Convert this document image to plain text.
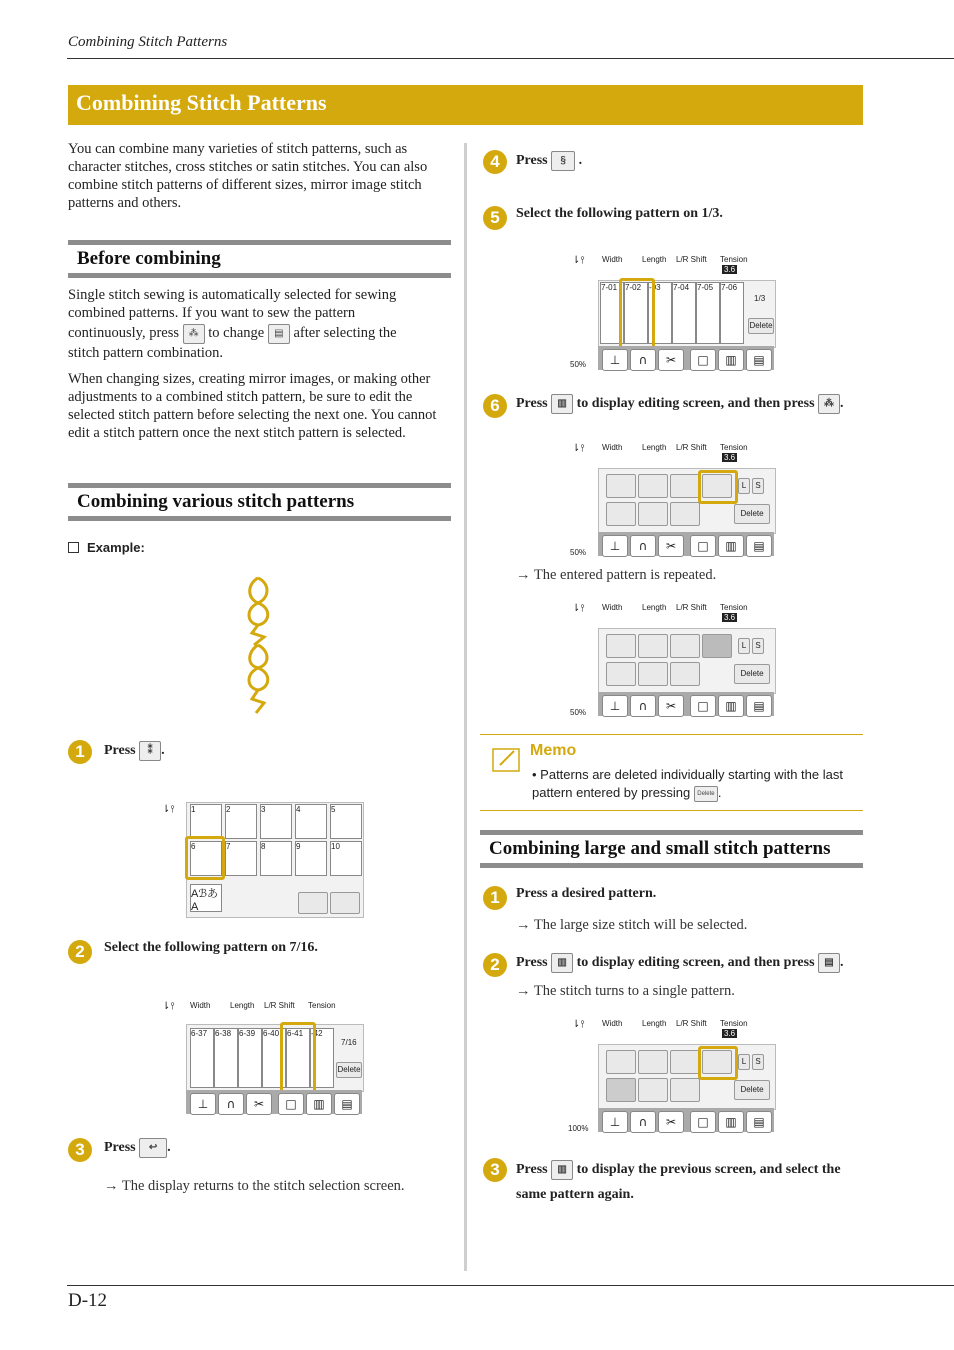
Combining Stitch Patterns
Combining Stitch Patterns
You can combine many varieties of stitch patterns, such as character stitches, cross stitches or satin stitches. You can also combine stitch patterns of different sizes, mirror image stitch patterns and others.
Before combining
Single stitch sewing is automatically selected for sewing combined patterns. If you want to sew the pattern
continuously, press ⁂ to change ▤ after selecting the
stitch pattern combination.
When changing sizes, creating mirror images, or making other adjustments to a combined stitch pattern, be sure to edit the selected stitch pattern before selecting the next one. You cannot edit a stitch pattern once the next stitch pattern is selected.
Combining various stitch patterns
Example:
1	Press ⁑ .
⇂⫯ 1	2	3	4	5
6	7	8	9	10
AℬあA
2	Select the following pattern on 7/16.
⇂⫯ Width Length L/R Shift Tension
6-37 6-38 6-39 6-40 6-41 -42
7/16
Delete
⊥	∩	✂	□	▥	▤
3	Press ↩ .
→ The display returns to the stitch selection screen.
4	Press § .
5	Select the following pattern on 1/3.
⇂⫯ Width Length L/R Shift Tension
3.6
7-01 7-02 -03	7-04 7-05 7-06
1/3
Delete
50%	⊥	∩	✂	□	▥	▤
6	Press ▥ to display editing screen, and then press ⁂ .
⇂⫯ Width Length L/R Shift Tension
3.6
L	S
Delete
50%	⊥	∩	✂	□	▥	▤
→ The entered pattern is repeated.
⇂⫯ Width Length L/R Shift Tension
3.6
L	S
Delete
50%	⊥	∩	✂	□	▥	▤
Memo
• Patterns are deleted individually starting with the last pattern entered by pressing Delete .
Combining large and small stitch patterns
1	Press a desired pattern.
→ The large size stitch will be selected.
2	Press ▥ to display editing screen, and then press ▤ .
→ The stitch turns to a single pattern.
⇂⫯ Width Length L/R Shift Tension
3.6
L	S
Delete
100%	⊥	∩	✂	□	▥	▤
3	Press ▥ to display the previous screen, and select the same pattern again.
D-12
